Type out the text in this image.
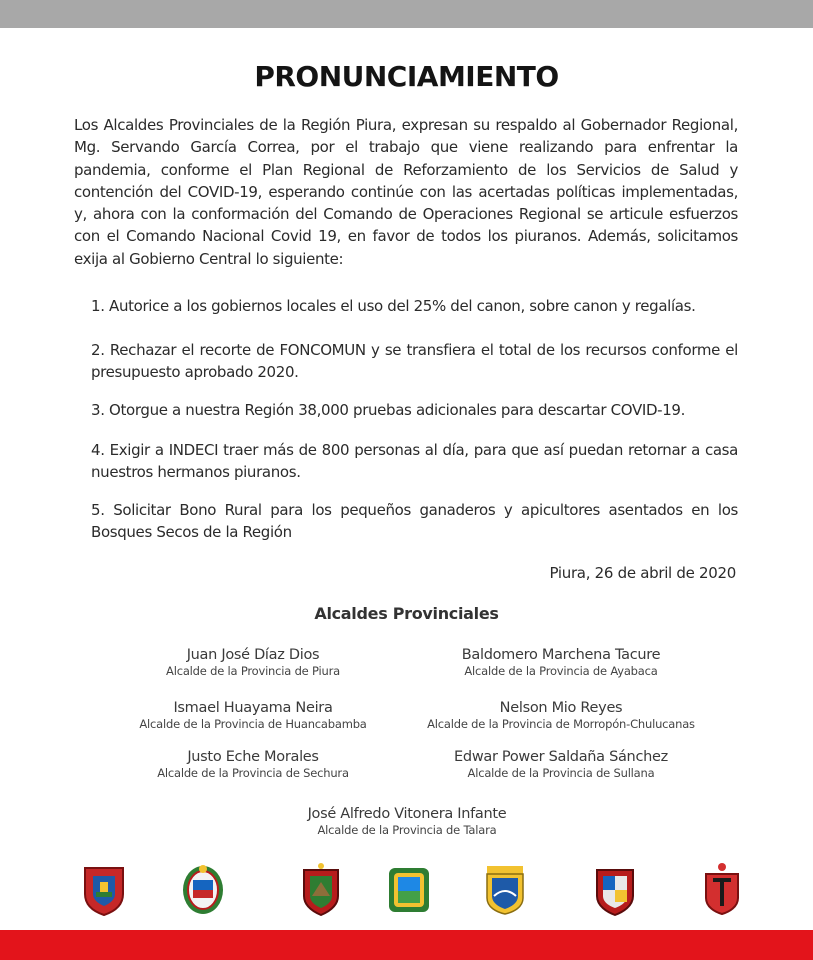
PRONUNCIAMIENTO
Los Alcaldes Provinciales de la Región Piura, expresan su respaldo al Gobernador Regional, Mg. Servando García Correa, por el trabajo que viene realizando para enfrentar la pandemia, conforme el Plan Regional de Reforzamiento de los Servicios de Salud y contención del COVID-19, esperando continúe con las acertadas políticas implementadas, y, ahora con la conformación del Comando de Operaciones Regional se articule esfuerzos con el Comando Nacional Covid 19, en favor de todos los piuranos. Además, solicitamos exija al Gobierno Central lo siguiente:
1. Autorice a los gobiernos locales el uso del 25% del canon, sobre canon y regalías.
2. Rechazar el recorte de FONCOMUN y se transfiera el total de los recursos conforme el presupuesto aprobado 2020.
3. Otorgue a nuestra Región 38,000 pruebas adicionales para descartar COVID-19.
4. Exigir a INDECI traer más de 800 personas al día, para que así puedan retornar a casa nuestros hermanos piuranos.
5. Solicitar Bono Rural para los pequeños ganaderos y apicultores asentados en los Bosques Secos de la Región
Piura, 26 de abril de 2020
Alcaldes Provinciales
Juan José Díaz Dios
Alcalde de la Provincia de Piura
Baldomero Marchena Tacure
Alcalde de la Provincia de Ayabaca
Ismael Huayama Neira
Alcalde de la Provincia de Huancabamba
Nelson Mio Reyes
Alcalde de la Provincia de Morropón-Chulucanas
Justo Eche Morales
Alcalde de la Provincia de Sechura
Edwar Power Saldaña Sánchez
Alcalde de la Provincia de Sullana
José Alfredo Vitonera Infante
Alcalde de la Provincia de Talara
